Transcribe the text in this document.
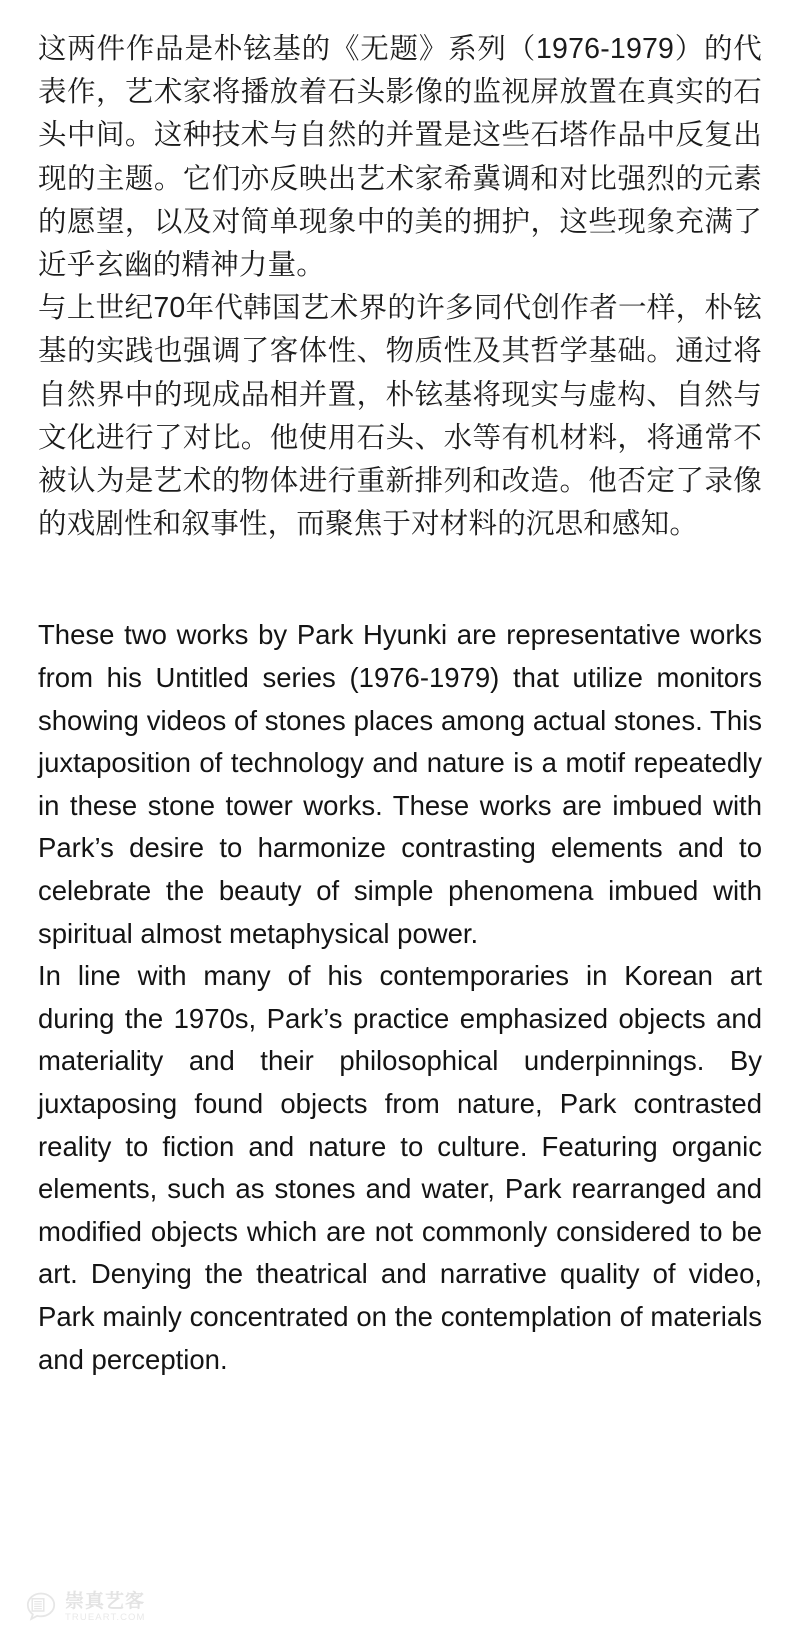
这两件作品是朴铉基的《无题》系列（1976-1979）的代表作，艺术家将播放着石头影像的监视屏放置在真实的石头中间。这种技术与自然的并置是这些石塔作品中反复出现的主题。它们亦反映出艺术家希冀调和对比强烈的元素的愿望，以及对简单现象中的美的拥护，这些现象充满了近乎玄幽的精神力量。

与上世纪70年代韩国艺术界的许多同代创作者一样，朴铉基的实践也强调了客体性、物质性及其哲学基础。通过将自然界中的现成品相并置，朴铉基将现实与虚构、自然与文化进行了对比。他使用石头、水等有机材料，将通常不被认为是艺术的物体进行重新排列和改造。他否定了录像的戏剧性和叙事性，而聚焦于对材料的沉思和感知。

These two works by Park Hyunki are representative works from his Untitled series (1976-1979) that utilize monitors showing videos of stones places among actual stones. This juxtaposition of technology and nature is a motif repeatedly in these stone tower works. These works are imbued with Park’s desire to harmonize contrasting elements and to celebrate the beauty of simple phenomena imbued with spiritual almost metaphysical power.

In line with many of his contemporaries in Korean art during the 1970s, Park’s practice emphasized objects and materiality and their philosophical underpinnings. By juxtaposing found objects from nature, Park contrasted reality to fiction and nature to culture. Featuring organic elements, such as stones and water, Park rearranged and modified objects which are not commonly considered to be art. Denying the theatrical and narrative quality of video, Park mainly concentrated on the contemplation of materials and perception.

崇真艺客
TRUEART.COM
